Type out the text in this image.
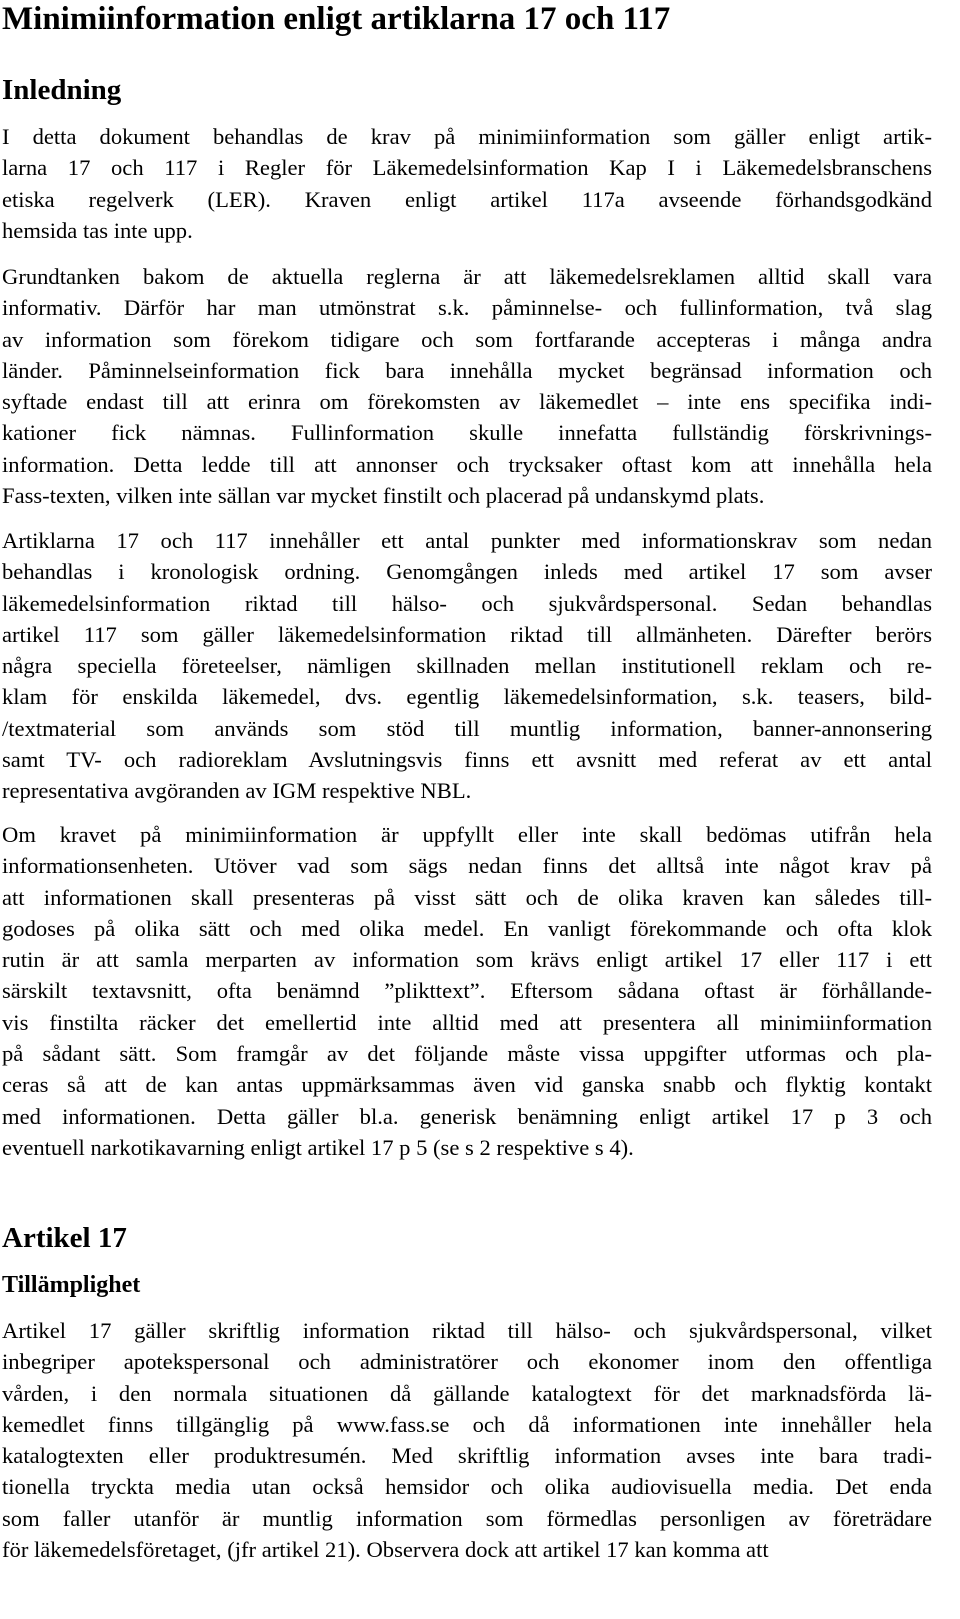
Minimiinformation enligt artiklarna 17 och 117
Inledning
I detta dokument behandlas de krav på minimiinformation som gäller enligt artik-
larna 17 och 117 i Regler för Läkemedelsinformation Kap I i Läkemedelsbranschens
etiska regelverk (LER). Kraven enligt artikel 117a avseende förhandsgodkänd
hemsida tas inte upp.
Grundtanken bakom de aktuella reglerna är att läkemedelsreklamen alltid skall vara
informativ. Därför har man utmönstrat s.k. påminnelse- och fullinformation, två slag
av information som förekom tidigare och som fortfarande accepteras i många andra
länder. Påminnelseinformation fick bara innehålla mycket begränsad information och
syftade endast till att erinra om förekomsten av läkemedlet – inte ens specifika indi-
kationer fick nämnas. Fullinformation skulle innefatta fullständig förskrivnings-
information. Detta ledde till att annonser och trycksaker oftast kom att innehålla hela
Fass-texten, vilken inte sällan var mycket finstilt och placerad på undanskymd plats.
Artiklarna 17 och 117 innehåller ett antal punkter med informationskrav som nedan
behandlas i kronologisk ordning. Genomgången inleds med artikel 17 som avser
läkemedelsinformation riktad till hälso- och sjukvårdspersonal. Sedan behandlas
artikel 117 som gäller läkemedelsinformation riktad till allmänheten. Därefter berörs
några speciella företeelser, nämligen skillnaden mellan institutionell reklam och re-
klam för enskilda läkemedel, dvs. egentlig läkemedelsinformation, s.k. teasers, bild-
/textmaterial som används som stöd till muntlig information, banner-annonsering
samt TV- och radioreklam Avslutningsvis finns ett avsnitt med referat av ett antal
representativa avgöranden av IGM respektive NBL.
Om kravet på minimiinformation är uppfyllt eller inte skall bedömas utifrån hela
informationsenheten. Utöver vad som sägs nedan finns det alltså inte något krav på
att informationen skall presenteras på visst sätt och de olika kraven kan således till-
godoses på olika sätt och med olika medel. En vanligt förekommande och ofta klok
rutin är att samla merparten av information som krävs enligt artikel 17 eller 117 i ett
särskilt textavsnitt, ofta benämnd ”plikttext”. Eftersom sådana oftast är förhållande-
vis finstilta räcker det emellertid inte alltid med att presentera all minimiinformation
på sådant sätt. Som framgår av det följande måste vissa uppgifter utformas och pla-
ceras så att de kan antas uppmärksammas även vid ganska snabb och flyktig kontakt
med informationen. Detta gäller bl.a. generisk benämning enligt artikel 17 p 3 och
eventuell narkotikavarning enligt artikel 17 p 5 (se s 2 respektive s 4).
Artikel 17
Tillämplighet
Artikel 17 gäller skriftlig information riktad till hälso- och sjukvårdspersonal, vilket
inbegriper apotekspersonal och administratörer och ekonomer inom den offentliga
vården, i den normala situationen då gällande katalogtext för det marknadsförda lä-
kemedlet finns tillgänglig på www.fass.se och då informationen inte innehåller hela
katalogtexten eller produktresumén. Med skriftlig information avses inte bara tradi-
tionella tryckta media utan också hemsidor och olika audiovisuella media. Det enda
som faller utanför är muntlig information som förmedlas personligen av företrädare
för läkemedelsföretaget, (jfr artikel 21). Observera dock att artikel 17 kan komma att
